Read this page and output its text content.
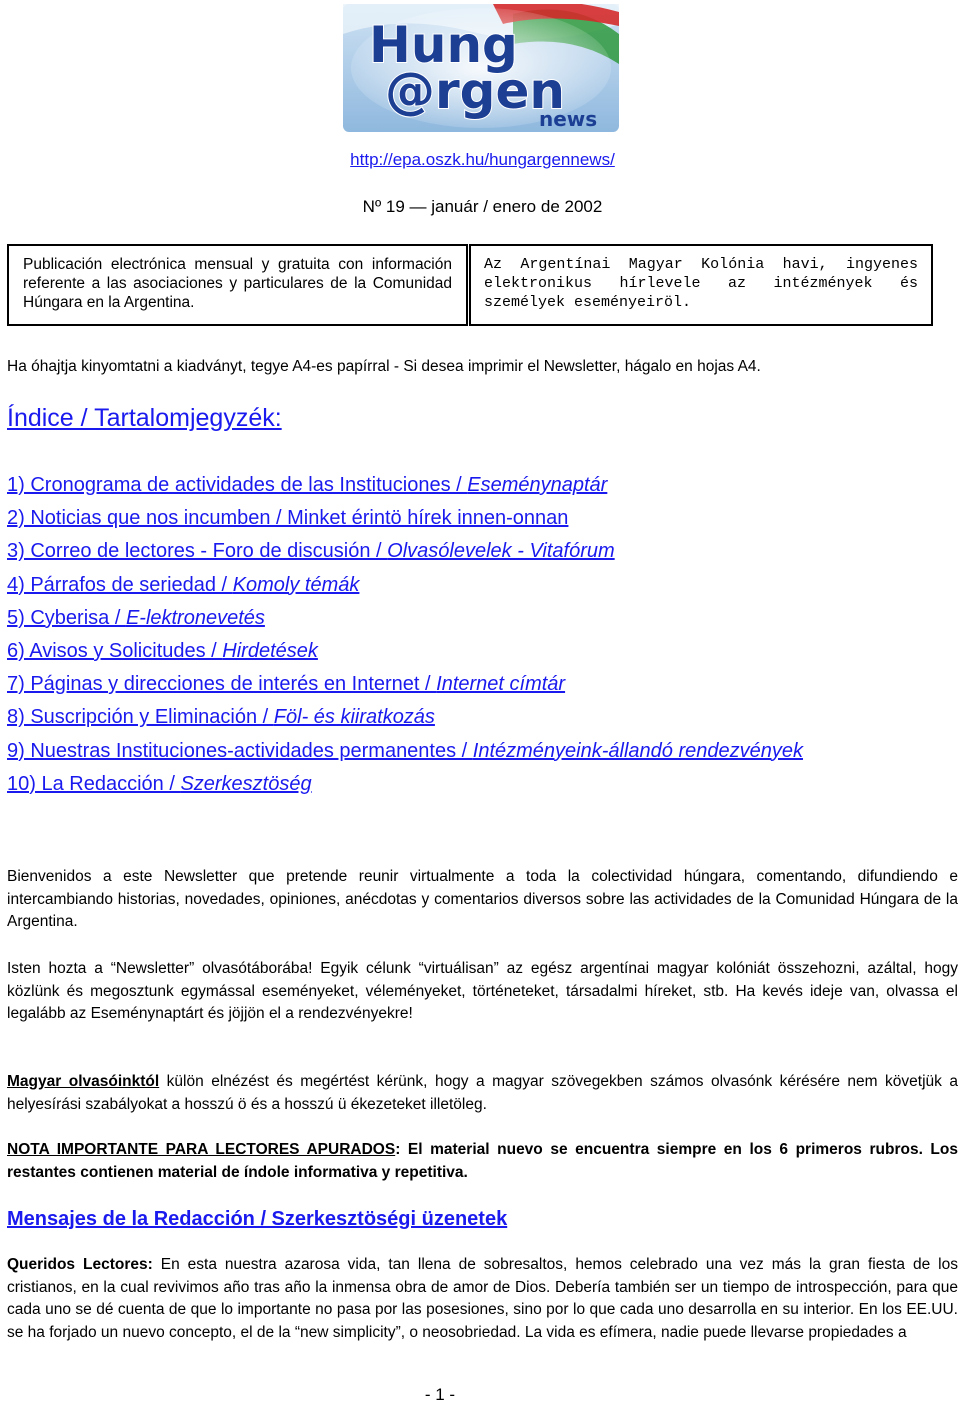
Hung
@rgen
news
http://epa.oszk.hu/hungargennews/
Nº 19 — január / enero de 2002
Publicación electrónica mensual y gratuita con información referente a las asociaciones y particulares de la Comunidad Húngara en la Argentina.
Az Argentínai Magyar Kolónia havi, ingyenes elektronikus hírlevele az intézmények és személyek eseményeiröl.
Ha óhajtja kinyomtatni a kiadványt, tegye A4-es papírral - Si desea imprimir el Newsletter, hágalo en hojas A4.
Índice / Tartalomjegyzék:
1) Cronograma de actividades de las Instituciones / Eseménynaptár
2) Noticias que nos incumben / Minket érintö hírek innen-onnan
3) Correo de lectores - Foro de discusión / Olvasólevelek - Vitafórum
4) Párrafos de seriedad / Komoly témák
5) Cyberisa / E-lektronevetés
6) Avisos y Solicitudes / Hirdetések
7) Páginas y direcciones de interés en Internet / Internet címtár
8) Suscripción y Eliminación / Föl- és kiiratkozás
9) Nuestras Instituciones-actividades permanentes / Intézményeink-állandó rendezvények
10) La Redacción / Szerkesztöség

Bienvenidos a este Newsletter que pretende reunir virtualmente a toda la colectividad húngara, comentando, difundiendo e intercambiando historias, novedades, opiniones, anécdotas y comentarios diversos sobre las actividades de la Comunidad Húngara de la Argentina.

Isten hozta a “Newsletter” olvasótáborába! Egyik célunk “virtuálisan” az egész argentínai magyar kolóniát összehozni, azáltal, hogy közlünk és megosztunk egymással eseményeket, véleményeket, történeteket, társadalmi híreket, stb. Ha kevés ideje van, olvassa el legalább az Eseménynaptárt és jöjjön el a rendezvényekre!

Magyar olvasóinktól külön elnézést és megértést kérünk, hogy a magyar szövegekben számos olvasónk kérésére nem követjük a helyesírási szabályokat a hosszú ö és a hosszú ü ékezeteket illetöleg.

NOTA IMPORTANTE PARA LECTORES APURADOS: El material nuevo se encuentra siempre en los 6 primeros rubros. Los restantes contienen material de índole informativa y repetitiva.

Mensajes de la Redacción / Szerkesztöségi üzenetek

Queridos Lectores: En esta nuestra azarosa vida, tan llena de sobresaltos, hemos celebrado una vez más la gran fiesta de los cristianos, en la cual revivimos año tras año la inmensa obra de amor de Dios. Debería también ser un tiempo de introspección, para que cada uno se dé cuenta de que lo importante no pasa por las posesiones, sino por lo que cada uno desarrolla en su interior. En los EE.UU. se ha forjado un nuevo concepto, el de la “new simplicity”, o neosobriedad. La vida es efímera, nadie puede llevarse propiedades a

- 1 -
